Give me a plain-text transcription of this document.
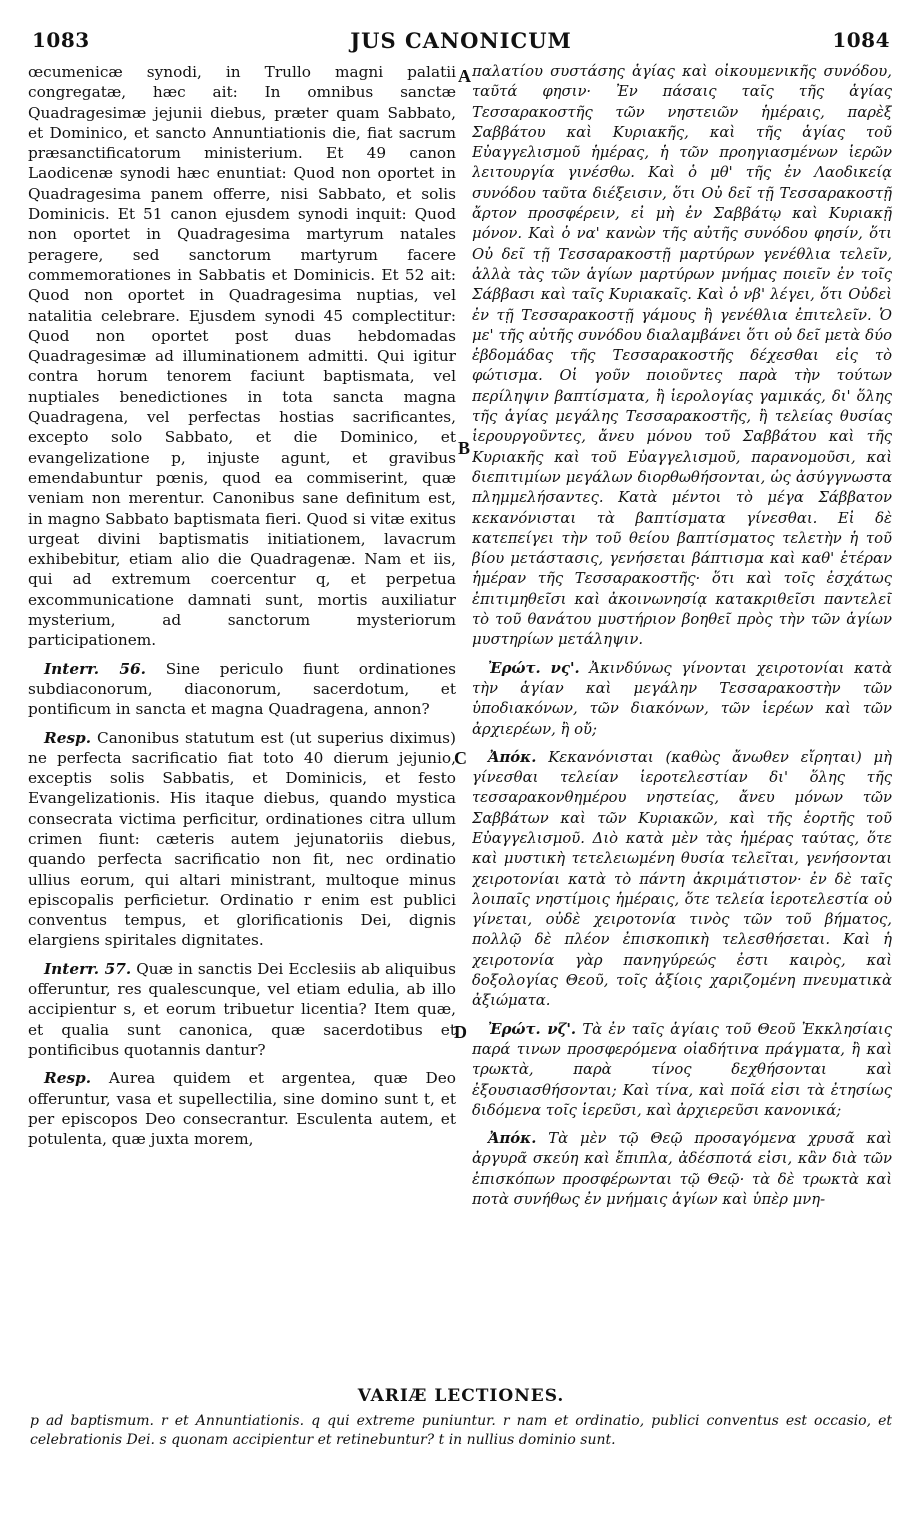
1083	JUS CANONICUM	1084

œcumenicæ synodi, in Trullo magni palatii congregatæ, hæc ait: In omnibus sanctæ Quadragesimæ jejunii diebus, præter quam Sabbato, et Dominico, et sancto Annuntiationis die, fiat sacrum præsanctificatorum ministerium. Et 49 canon Laodicenæ synodi hæc enuntiat: Quod non oportet in Quadragesima panem offerre, nisi Sabbato, et solis Dominicis. Et 51 canon ejusdem synodi inquit: Quod non oportet in Quadragesima martyrum natales peragere, sed sanctorum martyrum facere commemorationes in Sabbatis et Dominicis. Et 52 ait: Quod non oportet in Quadragesima nuptias, vel natalitia celebrare. Ejusdem synodi 45 complectitur: Quod non oportet post duas hebdomadas Quadragesimæ ad illuminationem admitti. Qui igitur contra horum tenorem faciunt baptismata, vel nuptiales benedictiones in tota sancta magna Quadragena, vel perfectas hostias sacrificantes, excepto solo Sabbato, et die Dominico, et evangelizatione p, injuste agunt, et gravibus emendabuntur pœnis, quod ea commiserint, quæ veniam non merentur. Canonibus sane definitum est, in magno Sabbato baptismata fieri. Quod si vitæ exitus urgeat divini baptismatis initiationem, lavacrum exhibebitur, etiam alio die Quadragenæ. Nam et iis, qui ad extremum coercentur q, et perpetua excommunicatione damnati sunt, mortis auxiliatur mysterium, ad sanctorum mysteriorum participationem.

Interr. 56. Sine periculo fiunt ordinationes subdiaconorum, diaconorum, sacerdotum, et pontificum in sancta et magna Quadragena, annon?

Resp. Canonibus statutum est (ut superius diximus) ne perfecta sacrificatio fiat toto 40 dierum jejunio, exceptis solis Sabbatis, et Dominicis, et festo Evangelizationis. His itaque diebus, quando mystica consecrata victima perficitur, ordinationes citra ullum crimen fiunt: cæteris autem jejunatoriis diebus, quando perfecta sacrificatio non fit, nec ordinatio ullius eorum, qui altari ministrant, multoque minus episcopalis perficietur. Ordinatio r enim est publici conventus tempus, et glorificationis Dei, dignis elargiens spiritales dignitates.

Interr. 57. Quæ in sanctis Dei Ecclesiis ab aliquibus offeruntur, res qualescunque, vel etiam edulia, ab illo accipientur s, et eorum tribuetur licentia? Item quæ, et qualia sunt canonica, quæ sacerdotibus et pontificibus quotannis dantur?

Resp. Aurea quidem et argentea, quæ Deo offeruntur, vasa et supellectilia, sine domino sunt t, et per episcopos Deo consecrantur. Esculenta autem, et potulenta, quæ juxta morem,

A
B
C
D

παλατίου συστάσης ἁγίας καὶ οἰκουμενικῆς συνόδου, ταῦτά φησιν· Ἐν πάσαις ταῖς τῆς ἁγίας Τεσσαρακοστῆς τῶν νηστειῶν ἡμέραις, παρὲξ Σαββάτου καὶ Κυριακῆς, καὶ τῆς ἁγίας τοῦ Εὐαγγελισμοῦ ἡμέρας, ἡ τῶν προηγιασμένων ἱερῶν λειτουργία γινέσθω. Καὶ ὁ μθ' τῆς ἐν Λαοδικείᾳ συνόδου ταῦτα διέξεισιν, ὅτι Οὐ δεῖ τῇ Τεσσαρακοστῇ ἄρτον προσφέρειν, εἰ μὴ ἐν Σαββάτῳ καὶ Κυριακῇ μόνον. Καὶ ὁ να' κανὼν τῆς αὐτῆς συνόδου φησίν, ὅτι Οὐ δεῖ τῇ Τεσσαρακοστῇ μαρτύρων γενέθλια τελεῖν, ἀλλὰ τὰς τῶν ἁγίων μαρτύρων μνήμας ποιεῖν ἐν τοῖς Σάββασι καὶ ταῖς Κυριακαῖς. Καὶ ὁ νβ' λέγει, ὅτι Οὐδεὶ ἐν τῇ Τεσσαρακοστῇ γάμους ἢ γενέθλια ἐπιτελεῖν. Ὁ με' τῆς αὐτῆς συνόδου διαλαμβάνει ὅτι οὐ δεῖ μετὰ δύο ἑβδομάδας τῆς Τεσσαρακοστῆς δέχεσθαι εἰς τὸ φώτισμα. Οἱ γοῦν ποιοῦντες παρὰ τὴν τούτων περίληψιν βαπτίσματα, ἢ ἱερολογίας γαμικάς, δι' ὅλης τῆς ἁγίας μεγάλης Τεσσαρακοστῆς, ἢ τελείας θυσίας ἱερουργοῦντες, ἄνευ μόνου τοῦ Σαββάτου καὶ τῆς Κυριακῆς καὶ τοῦ Εὐαγγελισμοῦ, παρανομοῦσι, καὶ διεπιτιμίων μεγάλων διορθωθήσονται, ὡς ἀσύγγνωστα πλημμελήσαντες. Κατὰ μέντοι τὸ μέγα Σάββατον κεκανόνισται τὰ βαπτίσματα γίνεσθαι. Εἰ δὲ κατεπείγει τὴν τοῦ θείου βαπτίσματος τελετὴν ἡ τοῦ βίου μετάστασις, γενήσεται βάπτισμα καὶ καθ' ἑτέραν ἡμέραν τῆς Τεσσαρακοστῆς· ὅτι καὶ τοῖς ἐσχάτως ἐπιτιμηθεῖσι καὶ ἀκοινωνησίᾳ κατακριθεῖσι παντελεῖ τὸ τοῦ θανάτου μυστήριον βοηθεῖ πρὸς τὴν τῶν ἁγίων μυστηρίων μετάληψιν.

Ἐρώτ. νς'. Ἀκινδύνως γίνονται χειροτονίαι κατὰ τὴν ἁγίαν καὶ μεγάλην Τεσσαρακοστὴν τῶν ὑποδιακόνων, τῶν διακόνων, τῶν ἱερέων καὶ τῶν ἀρχιερέων, ἢ οὔ;

Ἀπόκ. Κεκανόνισται (καθὼς ἄνωθεν εἴρηται) μὴ γίνεσθαι τελείαν ἱεροτελεστίαν δι' ὅλης τῆς τεσσαρακονθημέρου νηστείας, ἄνευ μόνων τῶν Σαββάτων καὶ τῶν Κυριακῶν, καὶ τῆς ἑορτῆς τοῦ Εὐαγγελισμοῦ. Διὸ κατὰ μὲν τὰς ἡμέρας ταύτας, ὅτε καὶ μυστικὴ τετελειωμένη θυσία τελεῖται, γενήσονται χειροτονίαι κατὰ τὸ πάντη ἀκριμάτιστον· ἐν δὲ ταῖς λοιπαῖς νηστίμοις ἡμέραις, ὅτε τελεία ἱεροτελεστία οὐ γίνεται, οὐδὲ χειροτονία τινὸς τῶν τοῦ βήματος, πολλῷ δὲ πλέον ἐπισκοπικὴ τελεσθήσεται. Καὶ ἡ χειροτονία γὰρ πανηγύρεώς ἐστι καιρὸς, καὶ δοξολογίας Θεοῦ, τοῖς ἀξίοις χαριζομένη πνευματικὰ ἀξιώματα.

Ἐρώτ. νζ'. Τὰ ἐν ταῖς ἁγίαις τοῦ Θεοῦ Ἐκκλησίαις παρά τινων προσφερόμενα οἱαδήτινα πράγματα, ἢ καὶ τρωκτὰ, παρὰ τίνος δεχθήσονται καὶ ἐξουσιασθήσονται; Καὶ τίνα, καὶ ποῖά εἰσι τὰ ἐτησίως διδόμενα τοῖς ἱερεῦσι, καὶ ἀρχιερεῦσι κανονικά;

Ἀπόκ. Τὰ μὲν τῷ Θεῷ προσαγόμενα χρυσᾶ καὶ ἀργυρᾶ σκεύη καὶ ἔπιπλα, ἀδέσποτά εἰσι, κἂν διὰ τῶν ἐπισκόπων προσφέρωνται τῷ Θεῷ· τὰ δὲ τρωκτὰ καὶ ποτὰ συνήθως ἐν μνήμαις ἁγίων καὶ ὑπὲρ μνη-

VARIÆ LECTIONES.
p ad baptismum. r et Annuntiationis. q qui extreme puniuntur. r nam et ordinatio, publici conventus est occasio, et celebrationis Dei. s quonam accipientur et retinebuntur? t in nullius dominio sunt.
